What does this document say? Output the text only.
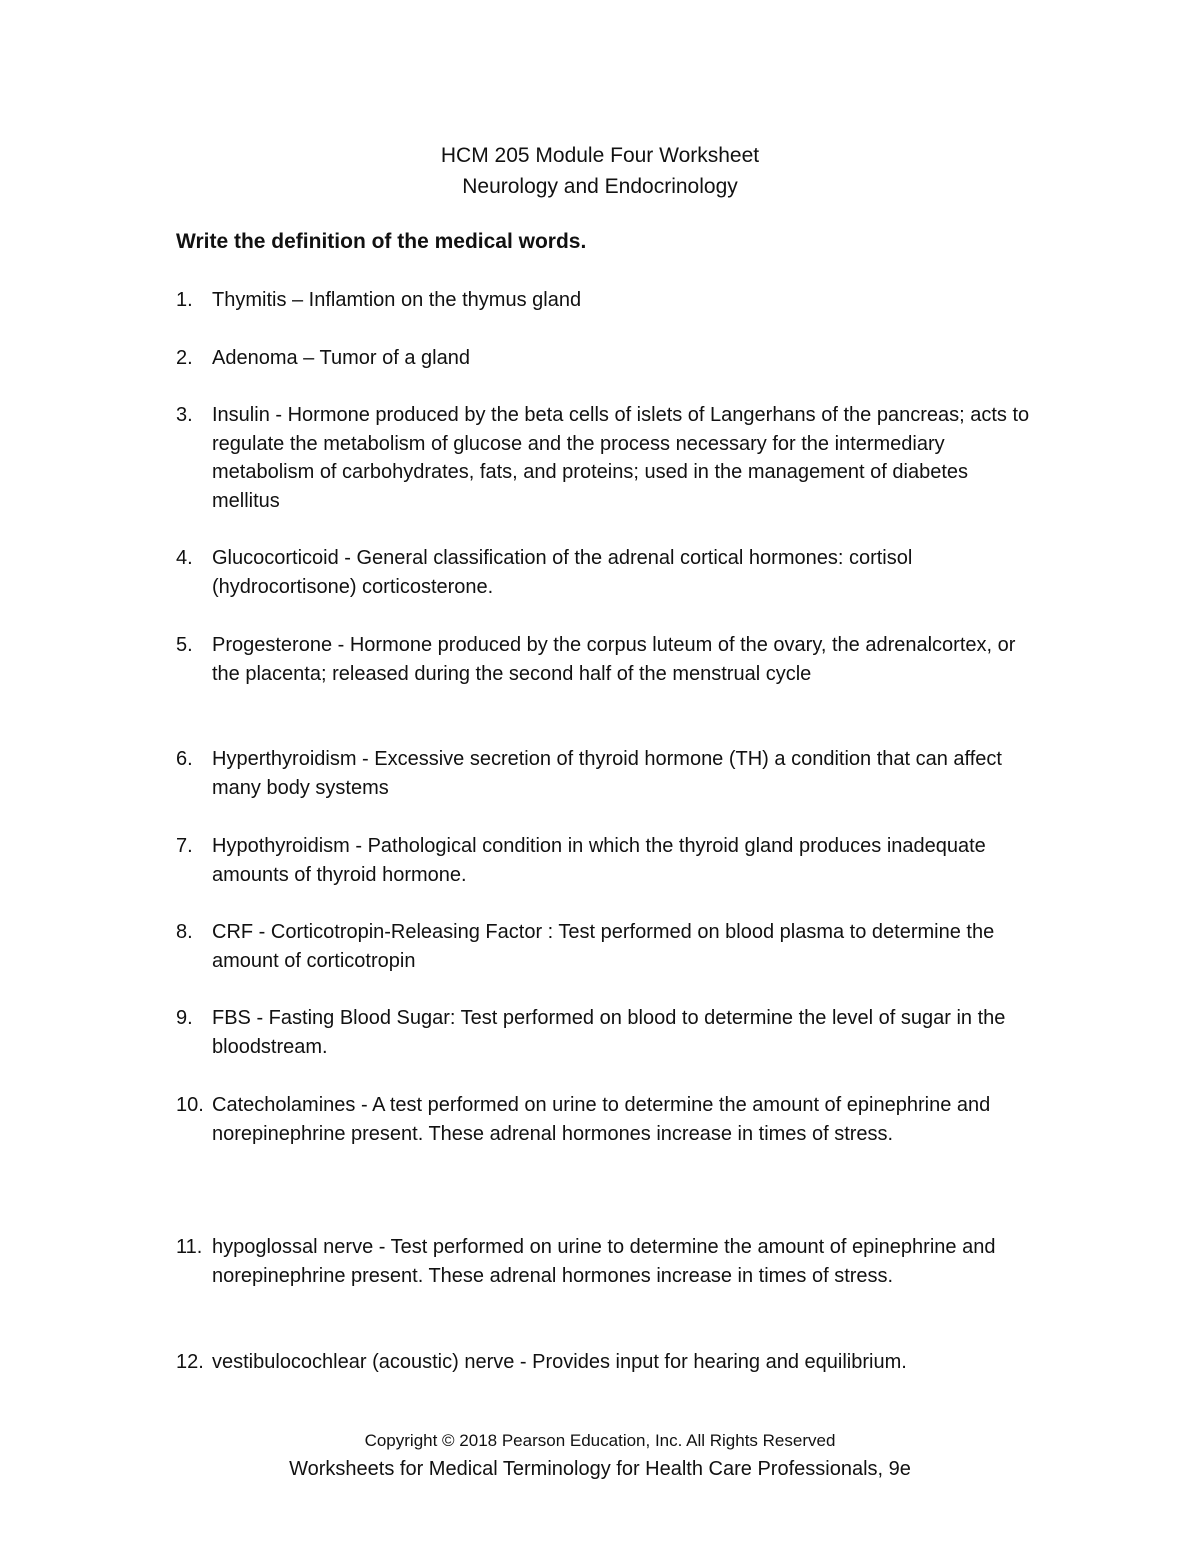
HCM 205 Module Four Worksheet
Neurology and Endocrinology
Write the definition of the medical words.
1. Thymitis – Inflamtion on the thymus gland
2. Adenoma – Tumor of a gland
3. Insulin - Hormone produced by the beta cells of islets of Langerhans of the pancreas; acts to regulate the metabolism of glucose and the process necessary for the intermediary metabolism of carbohydrates, fats, and proteins; used in the management of diabetes mellitus
4. Glucocorticoid - General classification of the adrenal cortical hormones: cortisol (hydrocortisone) corticosterone.
5. Progesterone - Hormone produced by the corpus luteum of the ovary, the adrenalcortex, or the placenta; released during the second half of the menstrual cycle
6. Hyperthyroidism - Excessive secretion of thyroid hormone (TH) a condition that can affect many body systems
7. Hypothyroidism - Pathological condition in which the thyroid gland produces inadequate amounts of thyroid hormone.
8. CRF - Corticotropin-Releasing Factor : Test performed on blood plasma to determine the amount of corticotropin
9. FBS - Fasting Blood Sugar: Test performed on blood to determine the level of sugar in the bloodstream.
10. Catecholamines - A test performed on urine to determine the amount of epinephrine and norepinephrine present. These adrenal hormones increase in times of stress.
11. hypoglossal nerve - Test performed on urine to determine the amount of epinephrine and norepinephrine present. These adrenal hormones increase in times of stress.
12. vestibulocochlear (acoustic) nerve - Provides input for hearing and equilibrium.
Copyright © 2018 Pearson Education, Inc. All Rights Reserved
Worksheets for Medical Terminology for Health Care Professionals, 9e
